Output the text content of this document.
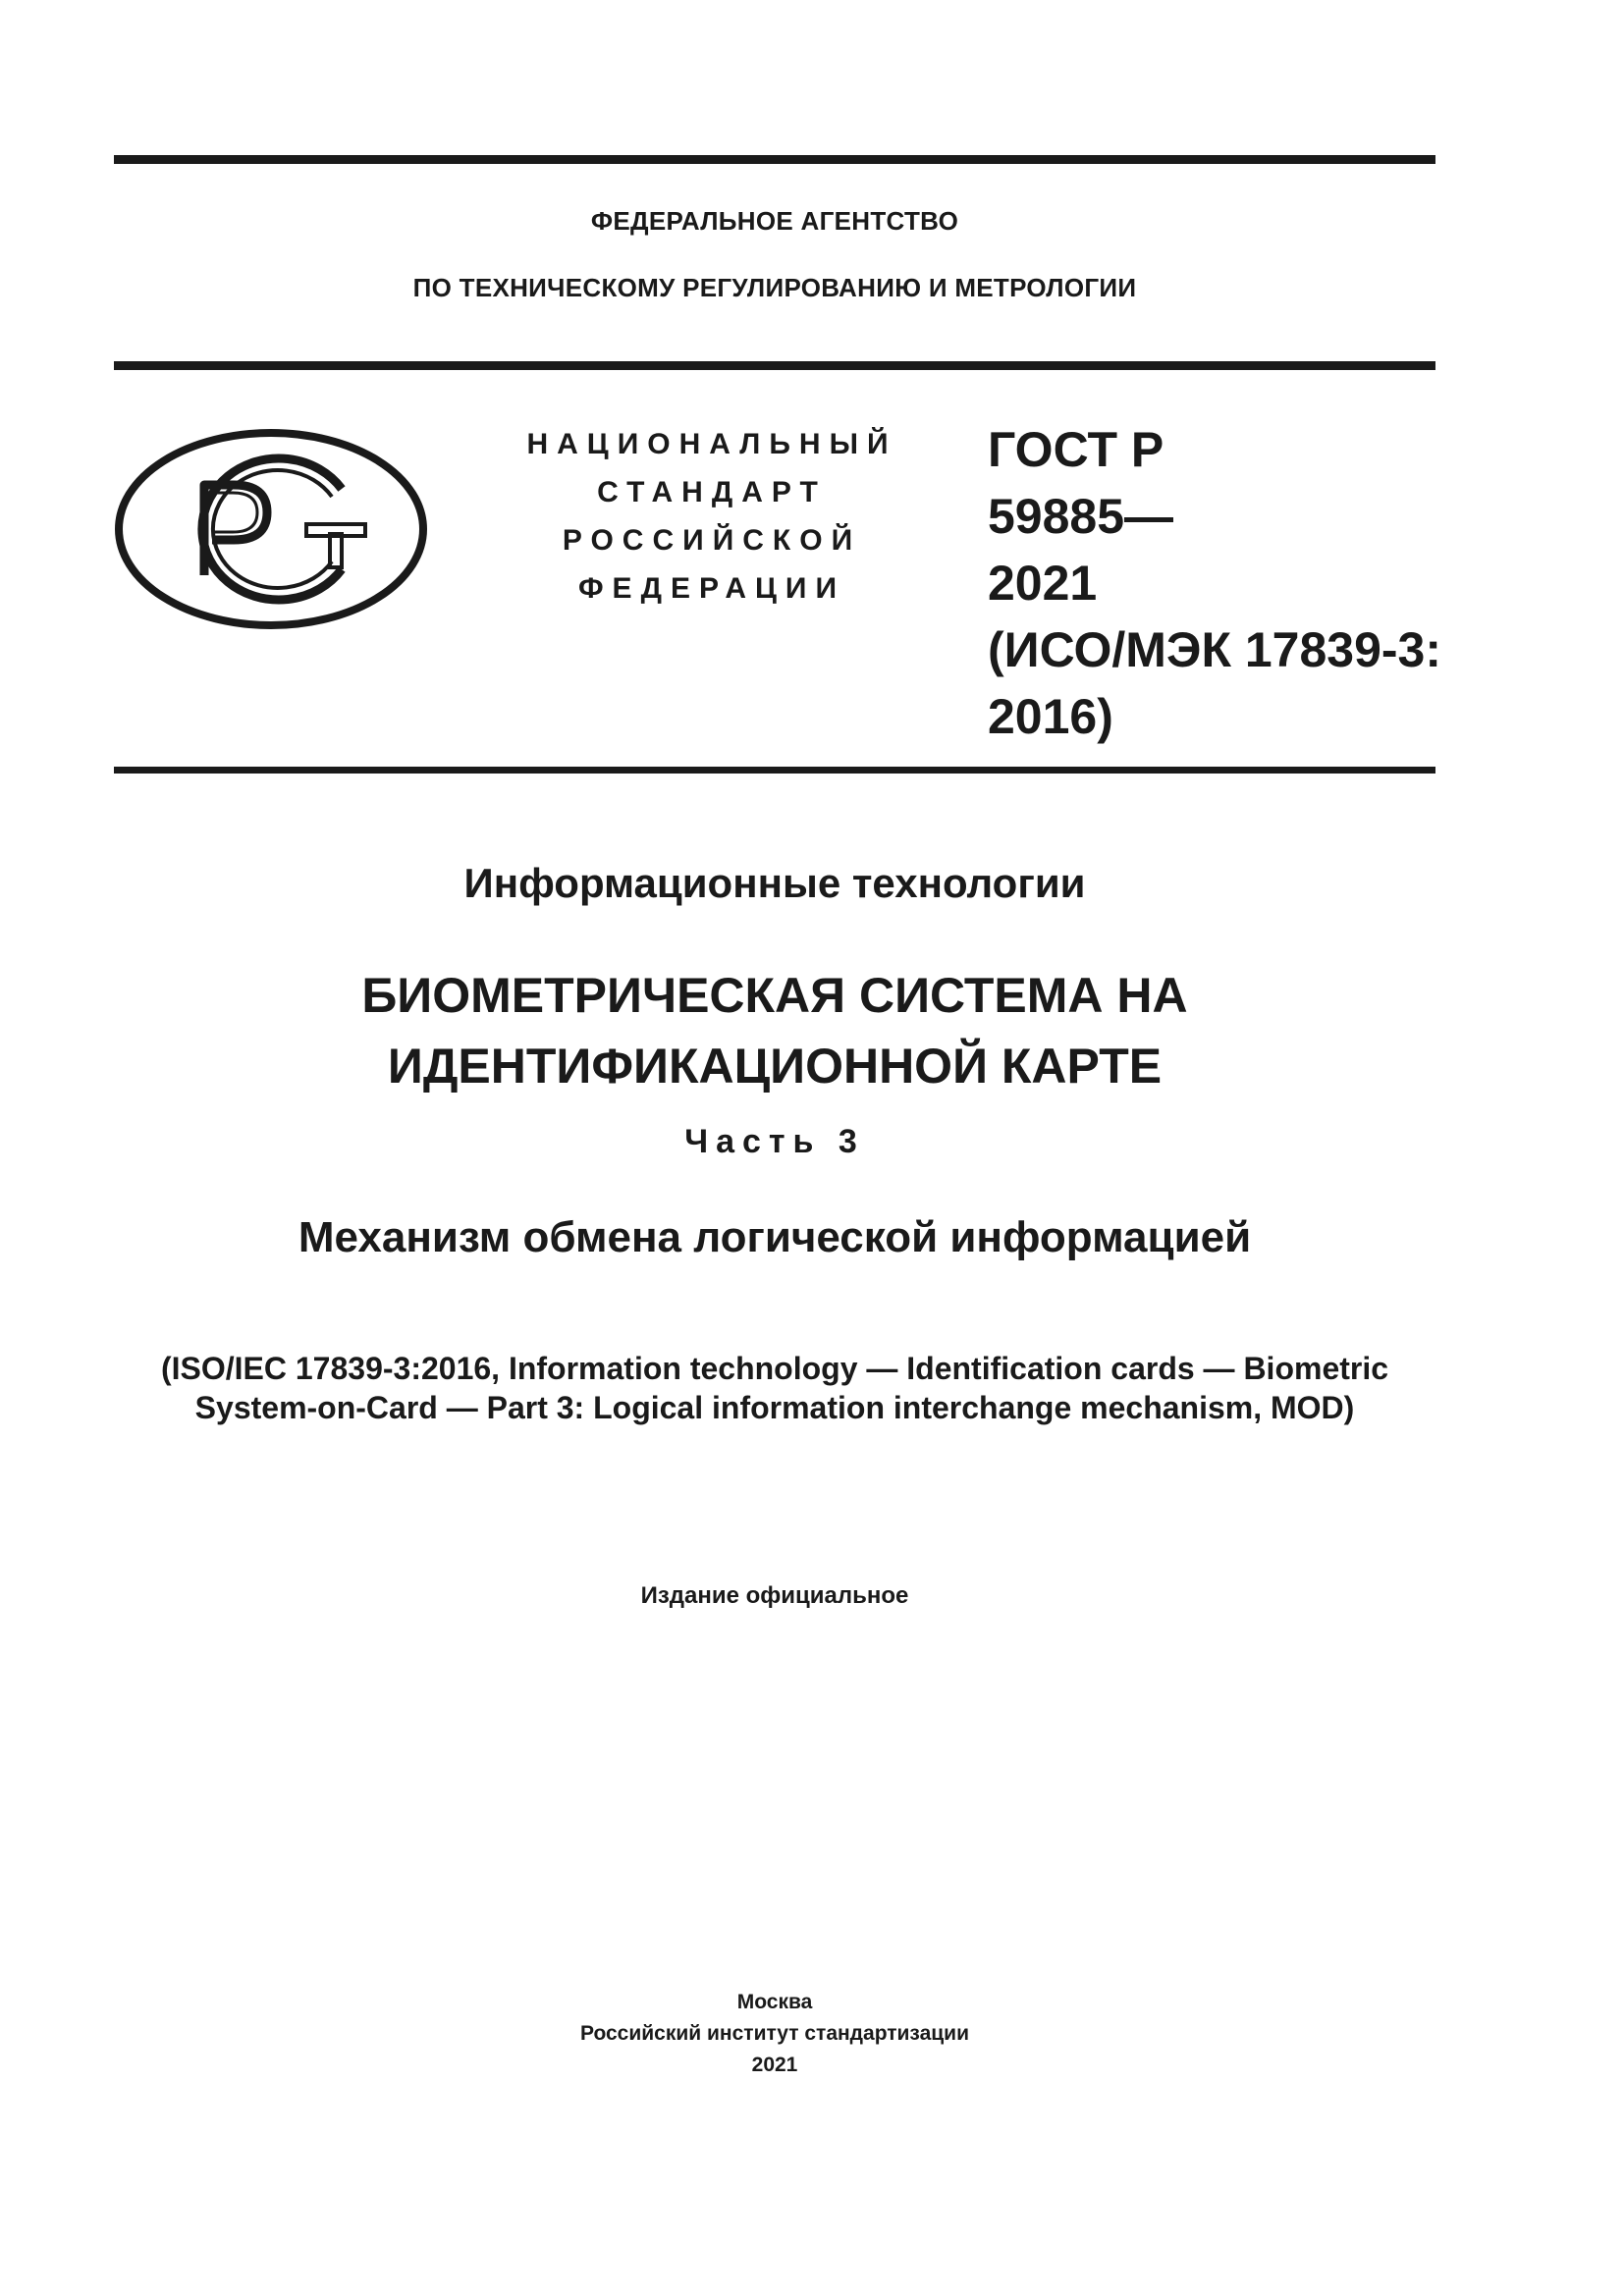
ФЕДЕРАЛЬНОЕ АГЕНТСТВО
ПО ТЕХНИЧЕСКОМУ РЕГУЛИРОВАНИЮ И МЕТРОЛОГИИ
НАЦИОНАЛЬНЫЙ
СТАНДАРТ
РОССИЙСКОЙ
ФЕДЕРАЦИИ
ГОСТ Р
59885—
2021
(ИСО/МЭК 17839-3:
2016)
Информационные технологии
БИОМЕТРИЧЕСКАЯ СИСТЕМА НА
ИДЕНТИФИКАЦИОННОЙ КАРТЕ
Часть 3
Механизм обмена логической информацией
(ISO/IEC 17839-3:2016, Information technology — Identification cards — Biometric
System-on-Card — Part 3: Logical information interchange mechanism, MOD)
Издание официальное
Москва
Российский институт стандартизации
2021
